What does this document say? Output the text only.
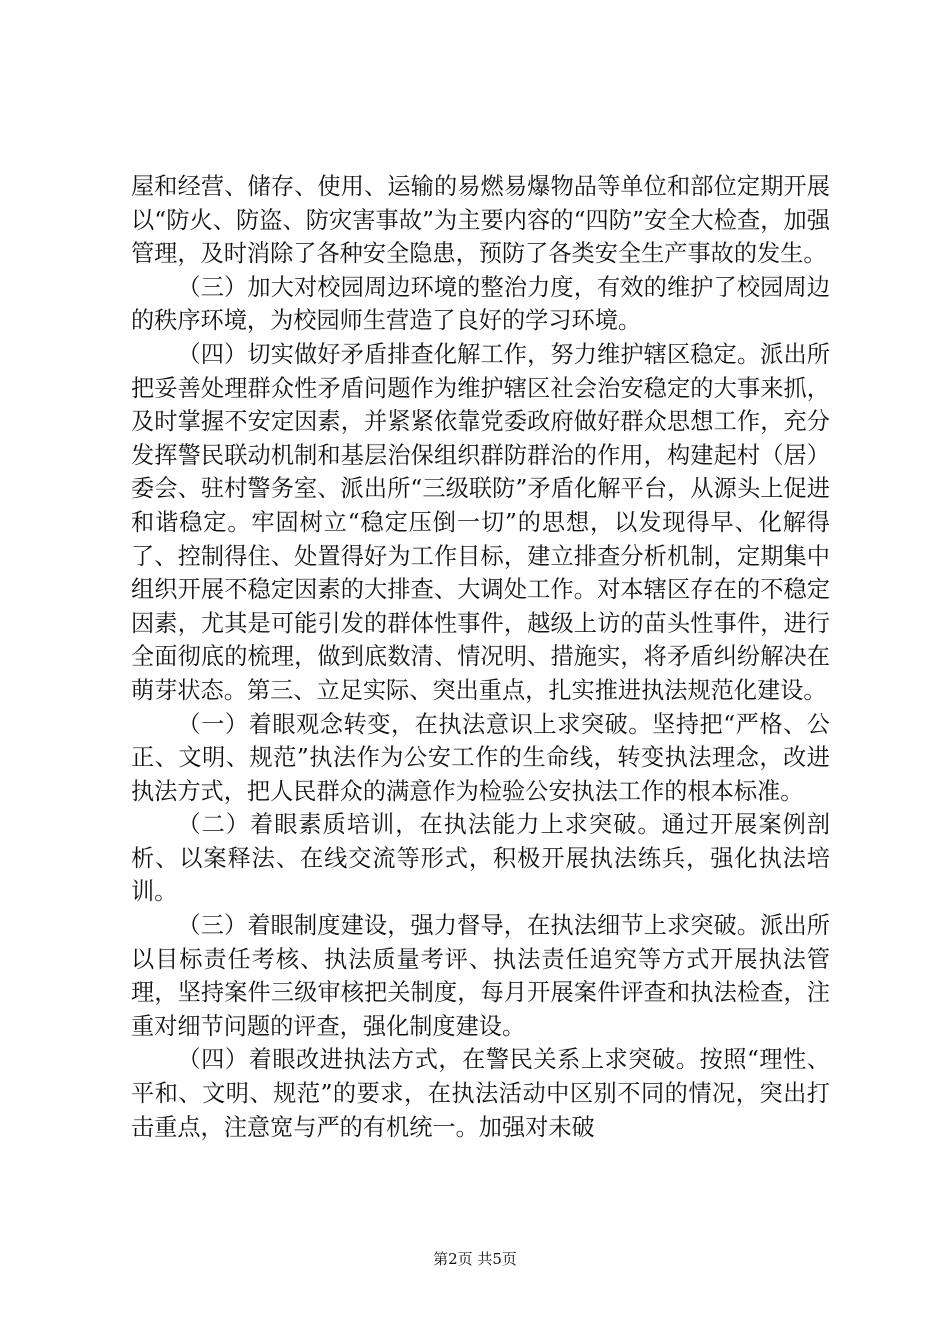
屋和经营、储存、使用、运输的易燃易爆物品等单位和部位定期开展以“防火、防盗、防灾害事故”为主要内容的“四防”安全大检查，加强管理，及时消除了各种安全隐患，预防了各类安全生产事故的发生。

（三）加大对校园周边环境的整治力度，有效的维护了校园周边的秩序环境，为校园师生营造了良好的学习环境。

（四）切实做好矛盾排查化解工作，努力维护辖区稳定。派出所把妥善处理群众性矛盾问题作为维护辖区社会治安稳定的大事来抓，及时掌握不安定因素，并紧紧依靠党委政府做好群众思想工作，充分发挥警民联动机制和基层治保组织群防群治的作用，构建起村（居）委会、驻村警务室、派出所“三级联防”矛盾化解平台，从源头上促进和谐稳定。牢固树立“稳定压倒一切”的思想，以发现得早、化解得了、控制得住、处置得好为工作目标，建立排查分析机制，定期集中组织开展不稳定因素的大排查、大调处工作。对本辖区存在的不稳定因素，尤其是可能引发的群体性事件，越级上访的苗头性事件，进行全面彻底的梳理，做到底数清、情况明、措施实，将矛盾纠纷解决在萌芽状态。第三、立足实际、突出重点，扎实推进执法规范化建设。

（一）着眼观念转变，在执法意识上求突破。坚持把“严格、公正、文明、规范”执法作为公安工作的生命线，转变执法理念，改进执法方式，把人民群众的满意作为检验公安执法工作的根本标准。

（二）着眼素质培训，在执法能力上求突破。通过开展案例剖析、以案释法、在线交流等形式，积极开展执法练兵，强化执法培训。

（三）着眼制度建设，强力督导，在执法细节上求突破。派出所以目标责任考核、执法质量考评、执法责任追究等方式开展执法管理，坚持案件三级审核把关制度，每月开展案件评查和执法检查，注重对细节问题的评查，强化制度建设。

（四）着眼改进执法方式，在警民关系上求突破。按照“理性、平和、文明、规范”的要求，在执法活动中区别不同的情况，突出打击重点，注意宽与严的有机统一。加强对未破

第2页 共5页
